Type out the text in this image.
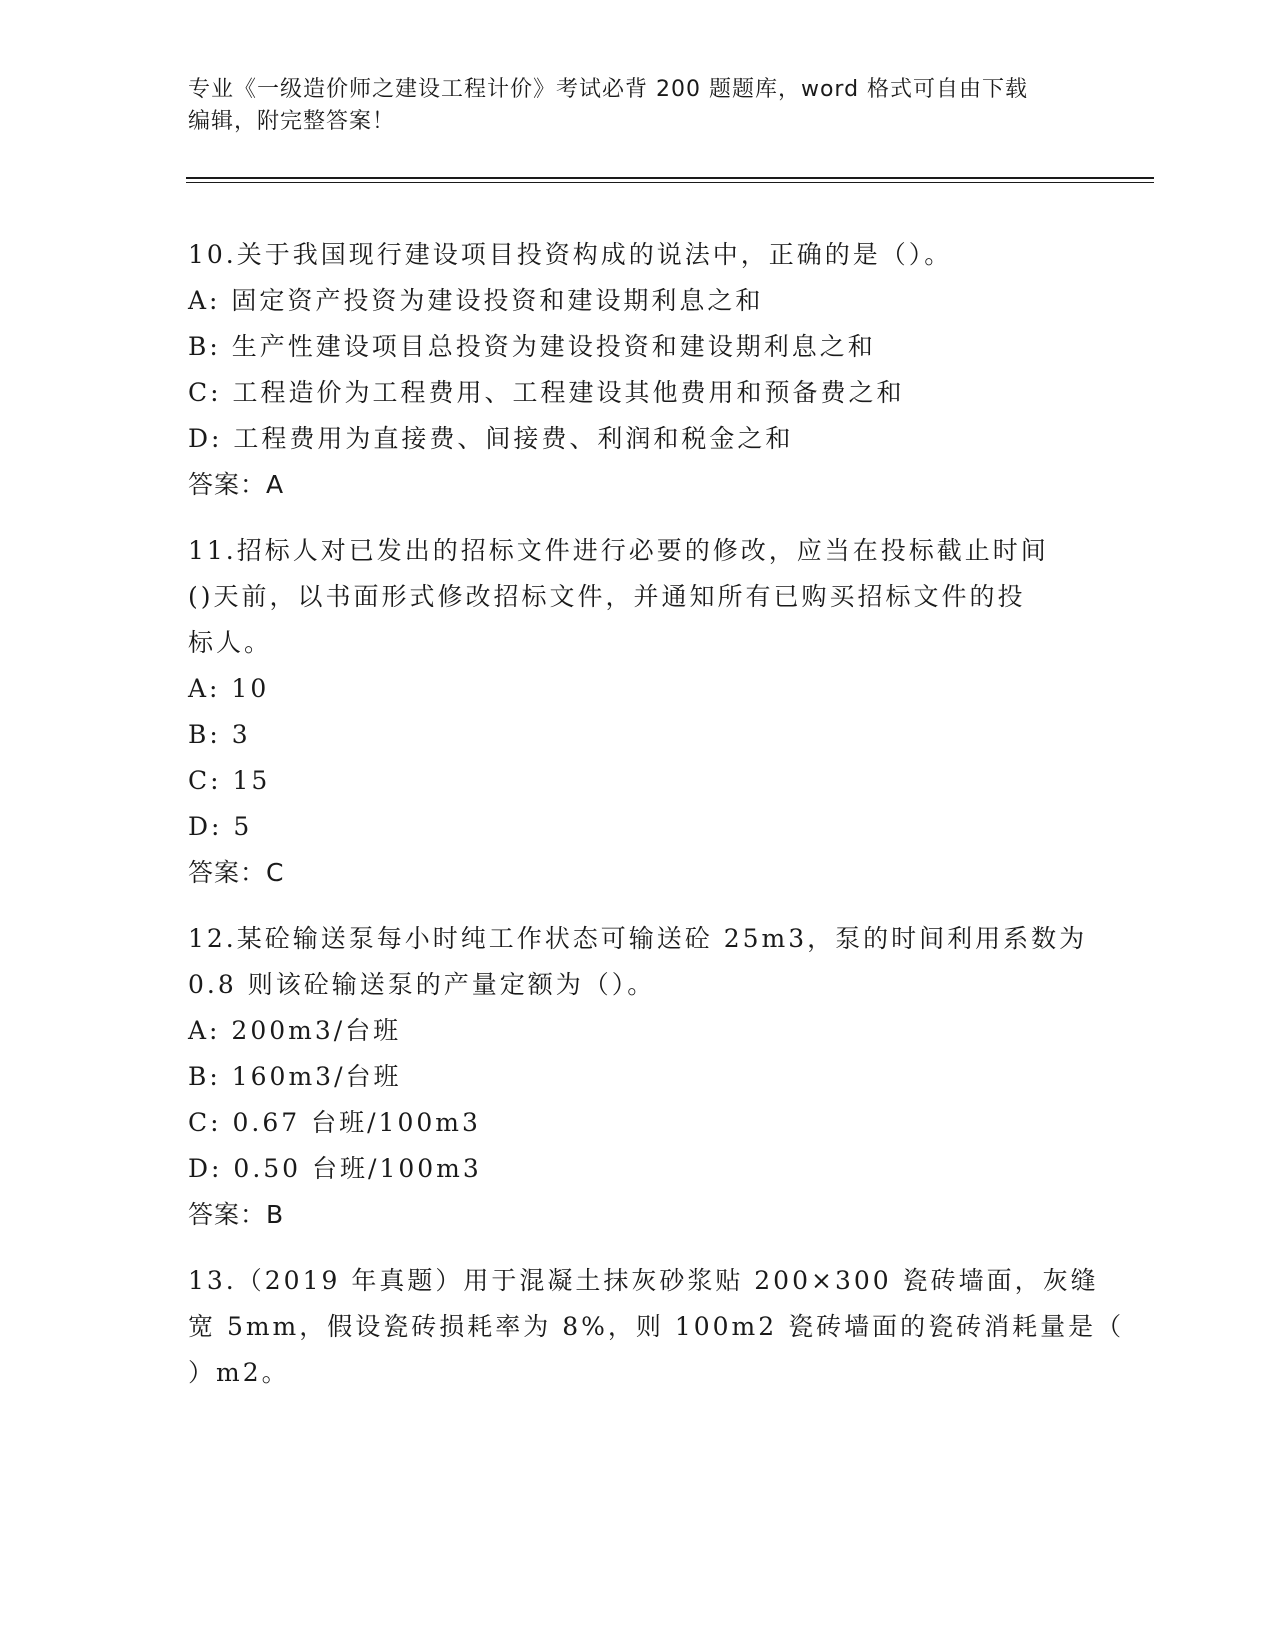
专业《一级造价师之建设工程计价》考试必背 200 题题库，word 格式可自由下载
编辑，附完整答案！
10.关于我国现行建设项目投资构成的说法中，正确的是（）。
A: 固定资产投资为建设投资和建设期利息之和
B: 生产性建设项目总投资为建设投资和建设期利息之和
C: 工程造价为工程费用、工程建设其他费用和预备费之和
D: 工程费用为直接费、间接费、利润和税金之和
答案：A
11.招标人对已发出的招标文件进行必要的修改，应当在投标截止时间
()天前，以书面形式修改招标文件，并通知所有已购买招标文件的投
标人。
A: 10
B: 3
C: 15
D: 5
答案：C
12.某砼输送泵每小时纯工作状态可输送砼 25m3，泵的时间利用系数为
0.8 则该砼输送泵的产量定额为（）。
A: 200m3/台班
B: 160m3/台班
C: 0.67 台班/100m3
D: 0.50 台班/100m3
答案：B
13.（2019 年真题）用于混凝土抹灰砂浆贴 200×300 瓷砖墙面，灰缝
宽 5mm，假设瓷砖损耗率为 8%，则 100m2 瓷砖墙面的瓷砖消耗量是（
）m2。
